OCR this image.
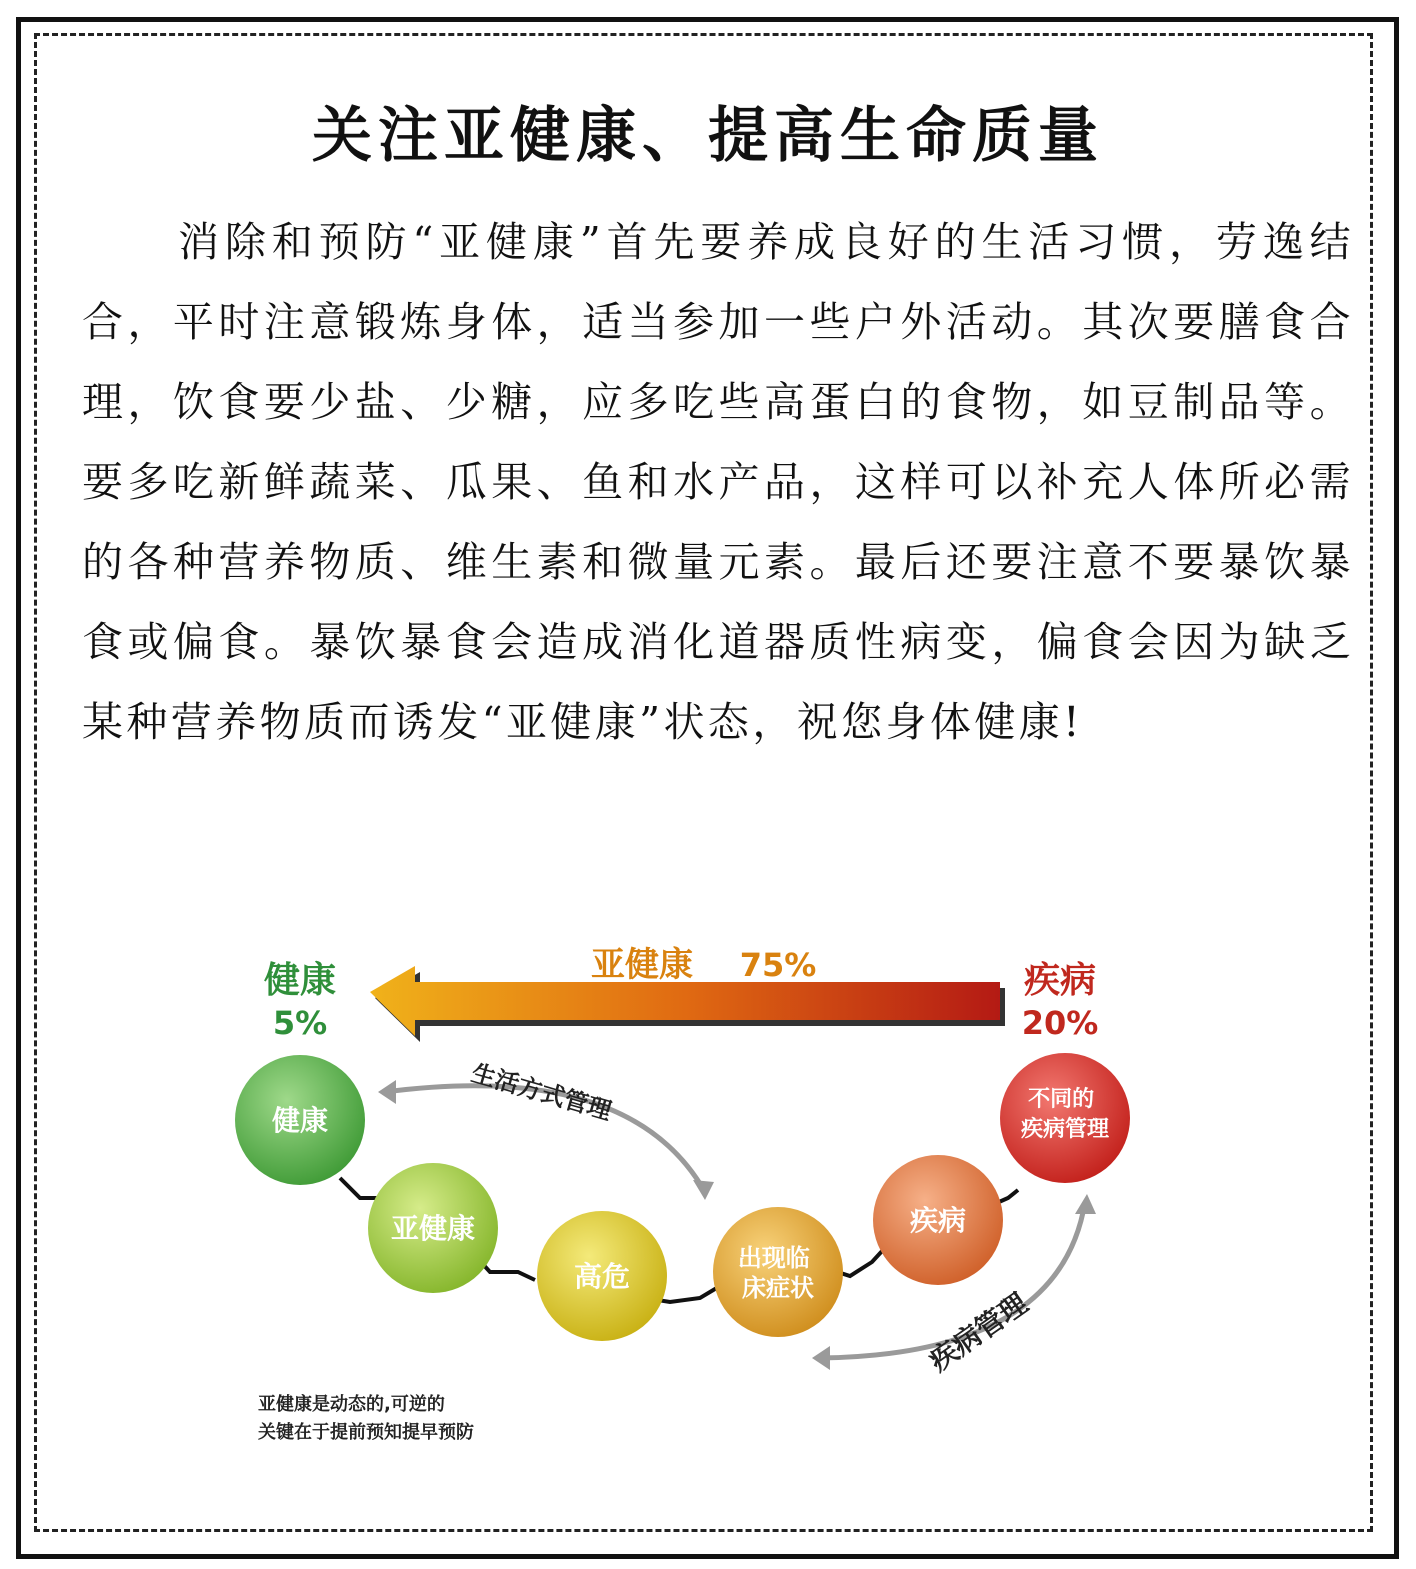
关注亚健康、提高生命质量
消除和预防“亚健康”首先要养成良好的生活习惯，劳逸结合，平时注意锻炼身体，适当参加一些户外活动。其次要膳食合理，饮食要少盐、少糖，应多吃些高蛋白的食物，如豆制品等。要多吃新鲜蔬菜、瓜果、鱼和水产品，这样可以补充人体所必需的各种营养物质、维生素和微量元素。最后还要注意不要暴饮暴食或偏食。暴饮暴食会造成消化道器质性病变，偏食会因为缺乏某种营养物质而诱发“亚健康”状态，祝您身体健康!
健康
5%
亚健康 75%	疾病
20%
生活方式管理
疾病管理
健康
亚健康
高危
出现临 床症状
疾病
不同的 疾病管理
亚健康是动态的,可逆的
关键在于提前预知提早预防
